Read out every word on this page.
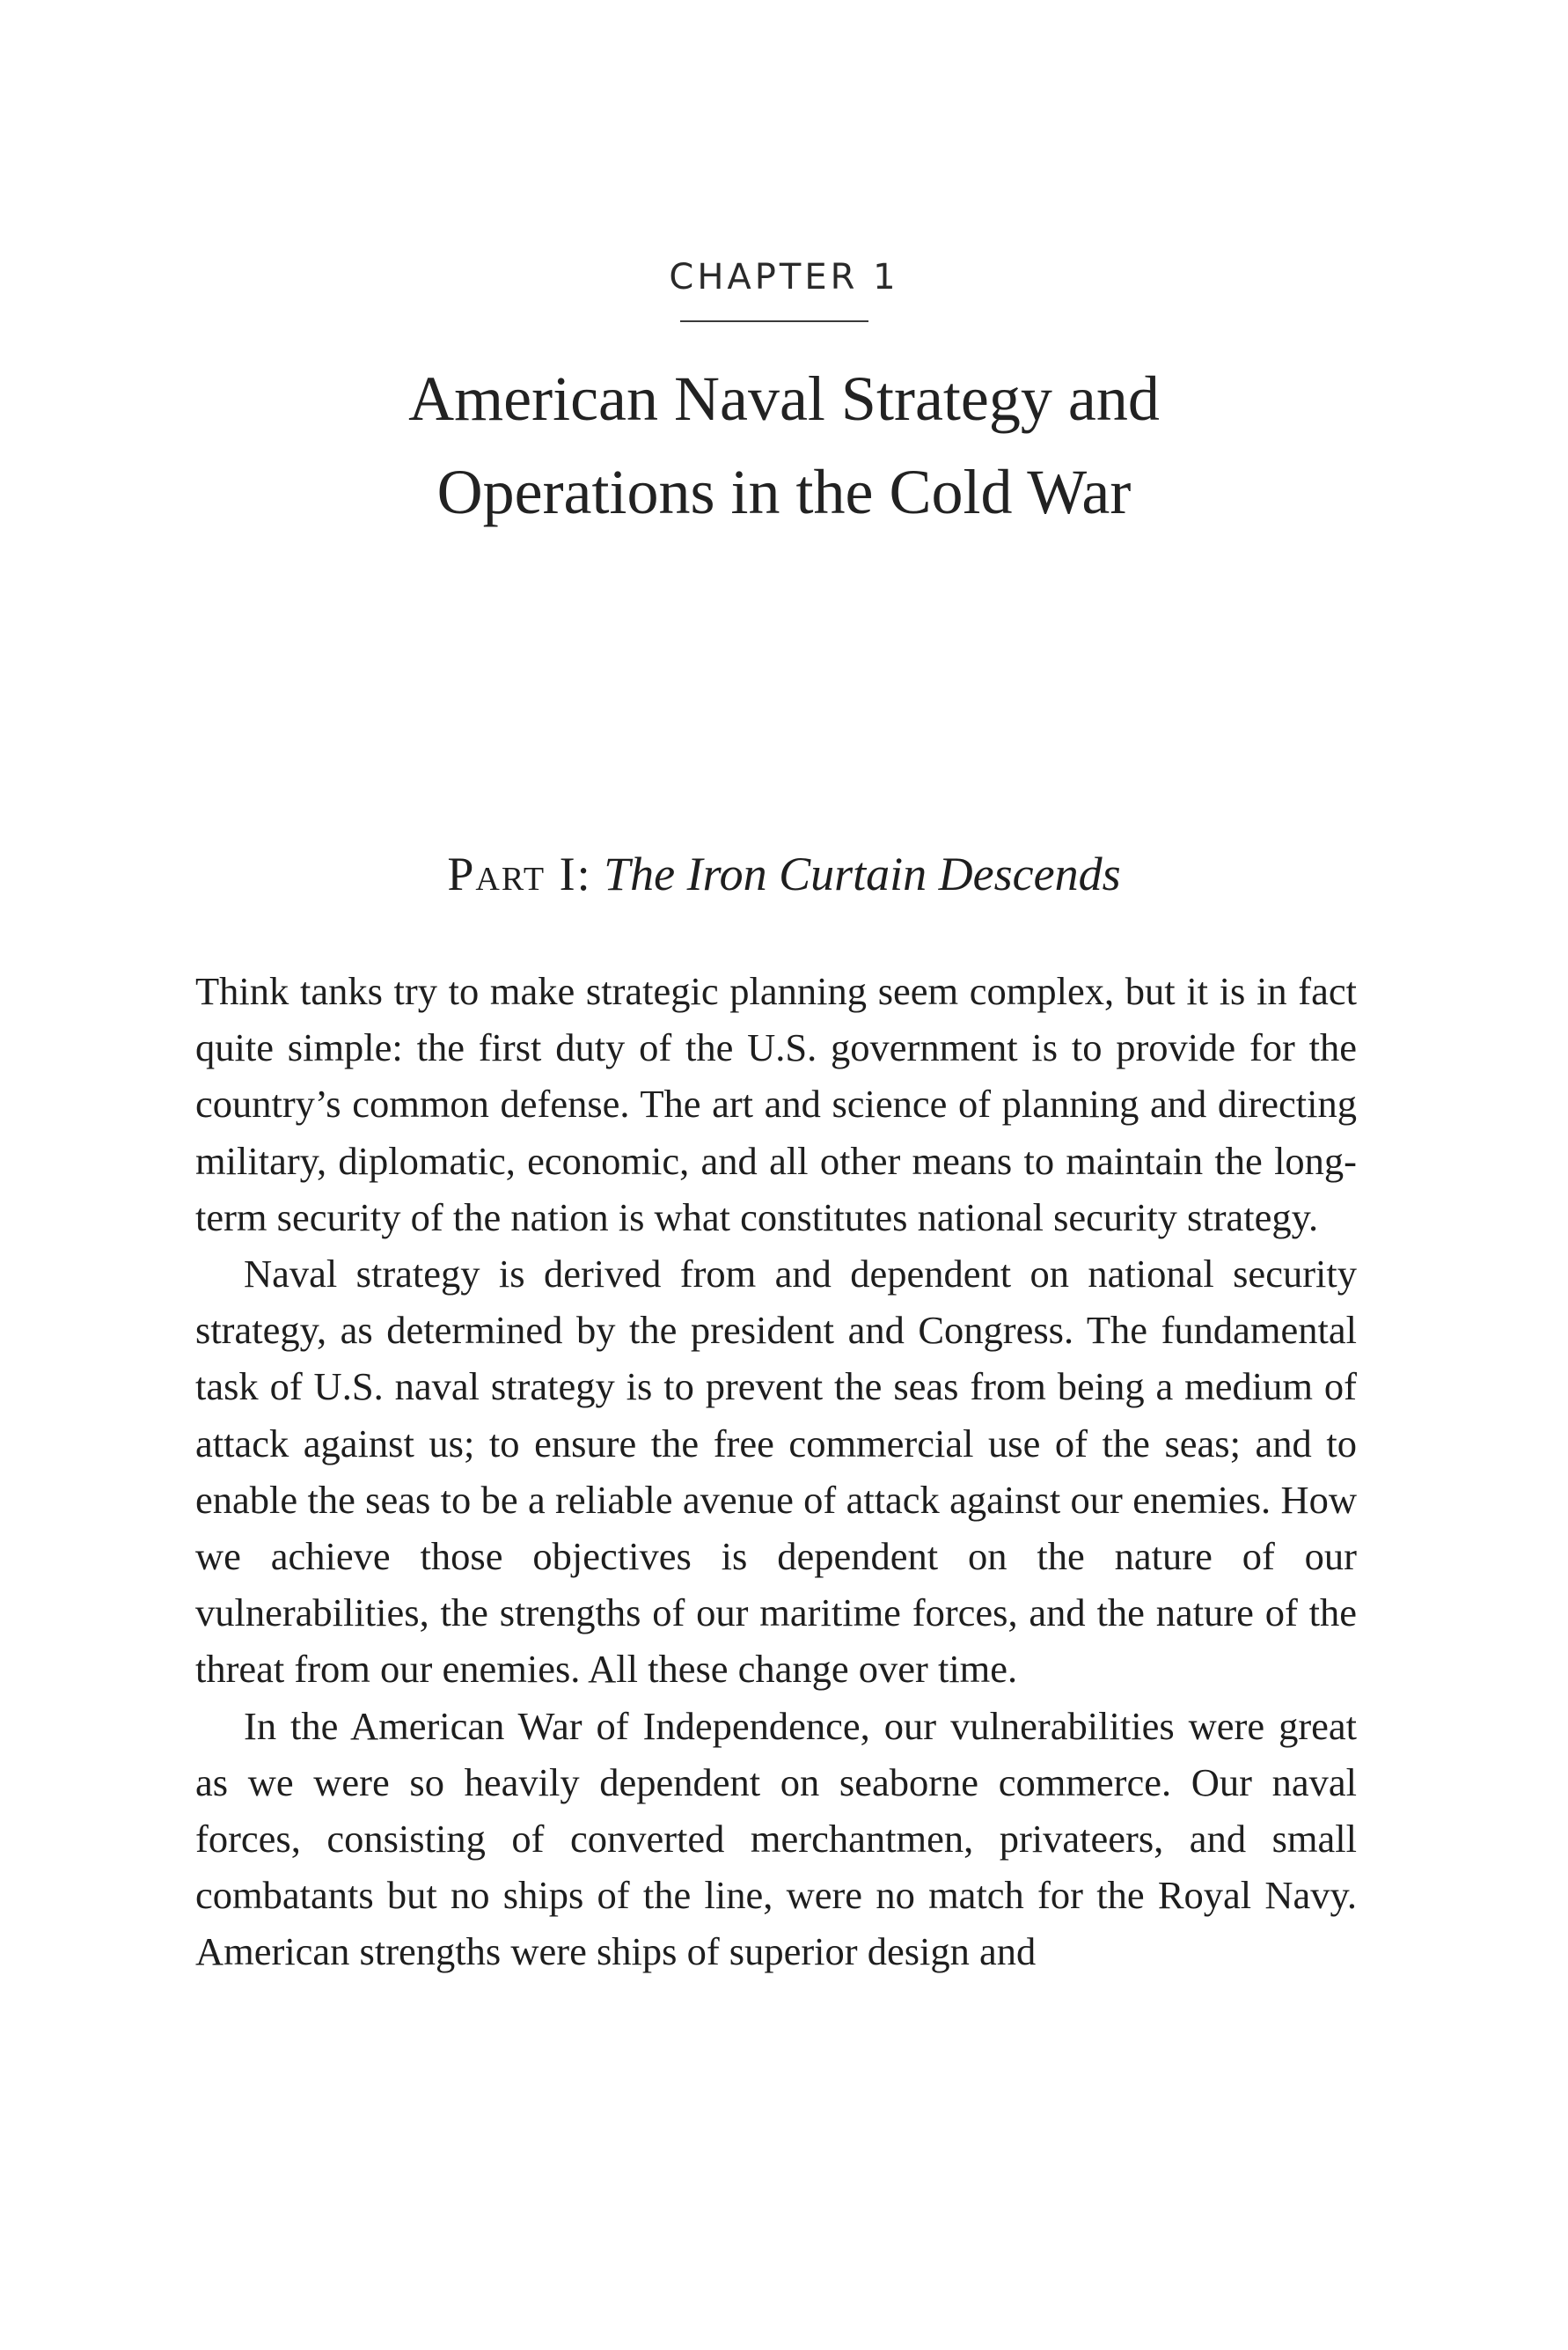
CHAPTER 1
American Naval Strategy and
Operations in the Cold War
Part I: The Iron Curtain Descends

Think tanks try to make strategic planning seem complex, but it is in fact quite simple: the first duty of the U.S. government is to provide for the country’s common defense. The art and science of planning and directing military, diplomatic, economic, and all other means to maintain the long-term security of the nation is what constitutes national security strategy.

Naval strategy is derived from and dependent on national security strategy, as determined by the president and Congress. The fundamental task of U.S. naval strategy is to prevent the seas from being a medium of attack against us; to ensure the free commercial use of the seas; and to enable the seas to be a reliable avenue of attack against our enemies. How we achieve those objectives is dependent on the nature of our vulnerabilities, the strengths of our maritime forces, and the nature of the threat from our enemies. All these change over time.

In the American War of Independence, our vulnerabilities were great as we were so heavily dependent on seaborne commerce. Our naval forces, consisting of converted merchantmen, privateers, and small combatants but no ships of the line, were no match for the Royal Navy. American strengths were ships of superior design and
